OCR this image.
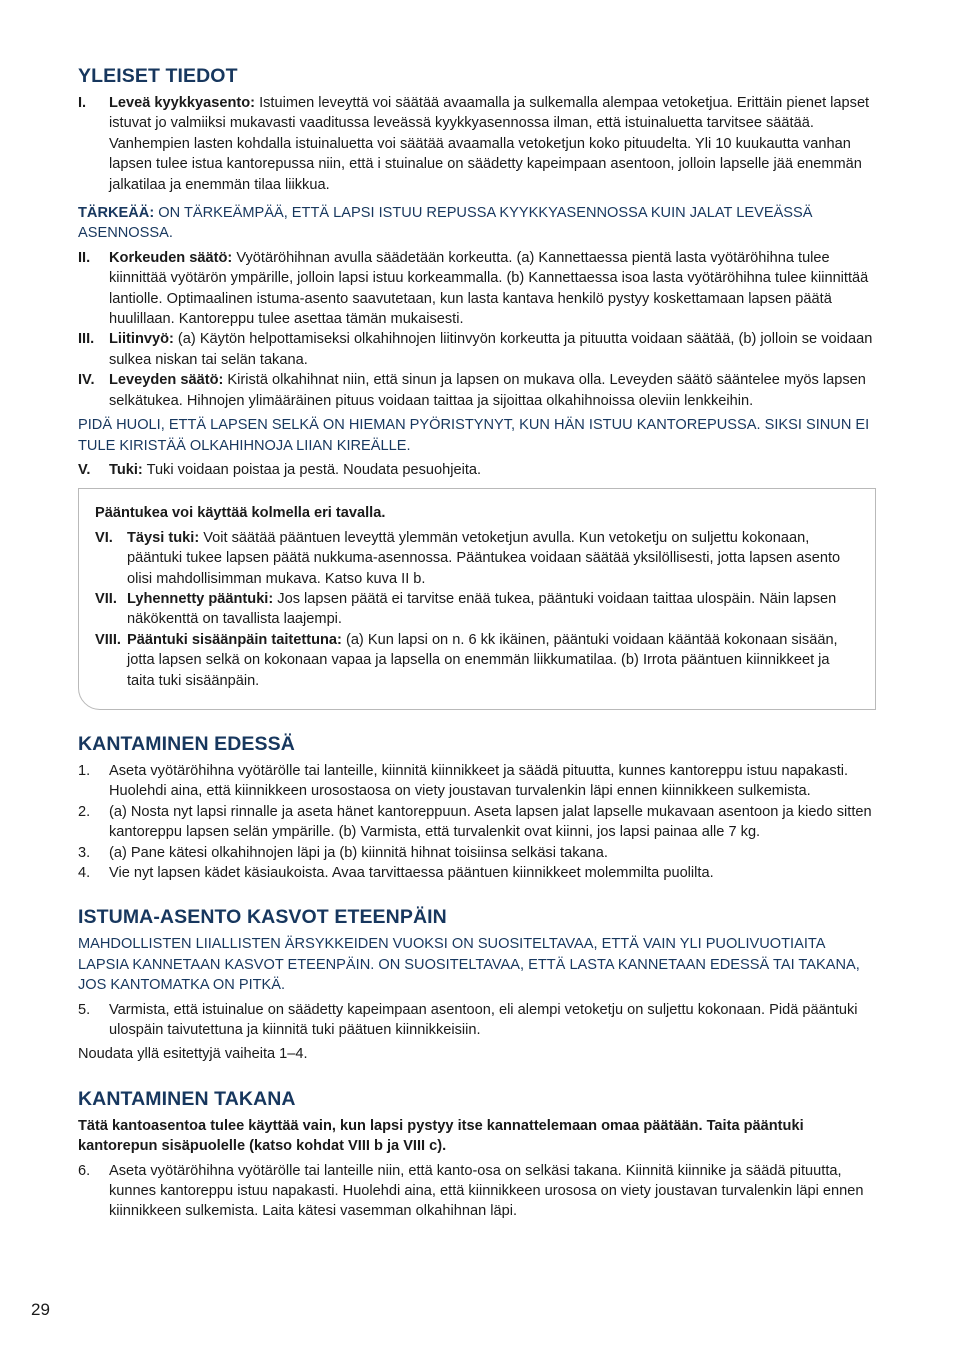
YLEISET TIEDOT
I.	Leveä kyykkyasento: Istuimen leveyttä voi säätää avaamalla ja sulkemalla alempaa vetoketjua. Erittäin pienet lapset istuvat jo valmiiksi mukavasti vaaditussa leveässä kyykkyasennossa ilman, että istuinaluetta tarvitsee säätää. Vanhempien lasten kohdalla istuinaluetta voi säätää avaamalla vetoketjun koko pituudelta. Yli 10 kuukautta vanhan lapsen tulee istua kantorepussa niin, että i stuinalue on säädetty kapeimpaan asentoon, jolloin lapselle jää enemmän jalkatilaa ja enemmän tilaa liikkua.
TÄRKEÄÄ: ON TÄRKEÄMPÄÄ, ETTÄ LAPSI ISTUU REPUSSA KYYKKYASENNOSSA KUIN JALAT LEVEÄSSÄ ASENNOSSA.
II.	Korkeuden säätö: Vyötäröhihnan avulla säädetään korkeutta. (a) Kannettaessa pientä lasta vyötäröhihna tulee kiinnittää vyötärön ympärille, jolloin lapsi istuu korkeammalla. (b) Kannettaessa isoa lasta vyötäröhihna tulee kiinnittää lantiolle. Optimaalinen istuma-asento saavutetaan, kun lasta kantava henkilö pystyy koskettamaan lapsen päätä huulillaan. Kantoreppu tulee asettaa tämän mukaisesti.
III.	Liitinvyö: (a) Käytön helpottamiseksi olkahihnojen liitinvyön korkeutta ja pituutta voidaan säätää, (b) jolloin se voidaan sulkea niskan tai selän takana.
IV. Leveyden säätö: Kiristä olkahihnat niin, että sinun ja lapsen on mukava olla. Leveyden säätö sääntelee myös lapsen selkätukea. Hihnojen ylimääräinen pituus voidaan taittaa ja sijoittaa olkahihnoissa oleviin lenkkeihin.
PIDÄ HUOLI, ETTÄ LAPSEN SELKÄ ON HIEMAN PYÖRISTYNYT, KUN HÄN ISTUU KANTOREPUSSA. SIKSI SINUN EI TULE KIRISTÄÄ OLKAHIHNOJA LIIAN KIREÄLLE.
V.	Tuki: Tuki voidaan poistaa ja pestä. Noudata pesuohjeita.
Pääntukea voi käyttää kolmella eri tavalla.
VI. Täysi tuki: Voit säätää pääntuen leveyttä ylemmän vetoketjun avulla. Kun vetoketju on suljettu kokonaan, pääntuki tukee lapsen päätä nukkuma-asennossa. Pääntukea voidaan säätää yksilöllisesti, jotta lapsen asento olisi mahdollisimman mukava. Katso kuva II b.
VII. Lyhennetty pääntuki: Jos lapsen päätä ei tarvitse enää tukea, pääntuki voidaan taittaa ulospäin. Näin lapsen näkökenttä on tavallista laajempi.
VIII. Pääntuki sisäänpäin taitettuna: (a) Kun lapsi on n. 6 kk ikäinen, pääntuki voidaan kääntää kokonaan sisään, jotta lapsen selkä on kokonaan vapaa ja lapsella on enemmän liikkumatilaa. (b) Irrota pääntuen kiinnikkeet ja taita tuki sisäänpäin.
KANTAMINEN EDESSÄ
1.	Aseta vyötäröhihna vyötärölle tai lanteille, kiinnitä kiinnikkeet ja säädä pituutta, kunnes kantoreppu istuu napakasti. Huolehdi aina, että kiinnikkeen urosostaosa on viety joustavan turvalenkin läpi ennen kiinnikkeen sulkemista.
2.	(a) Nosta nyt lapsi rinnalle ja aseta hänet kantoreppuun. Aseta lapsen jalat lapselle mukavaan asentoon ja kiedo sitten kantoreppu lapsen selän ympärille. (b) Varmista, että turvalenkit ovat kiinni, jos lapsi painaa alle 7 kg.
3.	(a) Pane kätesi olkahihnojen läpi ja (b) kiinnitä hihnat toisiinsa selkäsi takana.
4.	Vie nyt lapsen kädet käsiaukoista. Avaa tarvittaessa pääntuen kiinnikkeet molemmilta puolilta.
ISTUMA-ASENTO KASVOT ETEENPÄIN
MAHDOLLISTEN LIIALLISTEN ÄRSYKKEIDEN VUOKSI ON SUOSITELTAVAA, ETTÄ VAIN YLI PUOLIVUOTIAITA LAPSIA KANNETAAN KASVOT ETEENPÄIN. ON SUOSITELTAVAA, ETTÄ LASTA KANNETAAN EDESSÄ TAI TAKANA, JOS KANTOMATKA ON PITKÄ.
5.	Varmista, että istuinalue on säädetty kapeimpaan asentoon, eli alempi vetoketju on suljettu kokonaan. Pidä pääntuki ulospäin taivutettuna ja kiinnitä tuki päätuen kiinnikkeisiin.
Noudata yllä esitettyjä vaiheita 1–4.
KANTAMINEN TAKANA
Tätä kantoasentoa tulee käyttää vain, kun lapsi pystyy itse kannattelemaan omaa päätään. Taita pääntuki kantorepun sisäpuolelle (katso kohdat VIII b ja VIII c).
6.	Aseta vyötäröhihna vyötärölle tai lanteille niin, että kanto-osa on selkäsi takana. Kiinnitä kiinnike ja säädä pituutta, kunnes kantoreppu istuu napakasti. Huolehdi aina, että kiinnikkeen urososa on viety joustavan turvalenkin läpi ennen kiinnikkeen sulkemista. Laita kätesi vasemman olkahihnan läpi.
29
